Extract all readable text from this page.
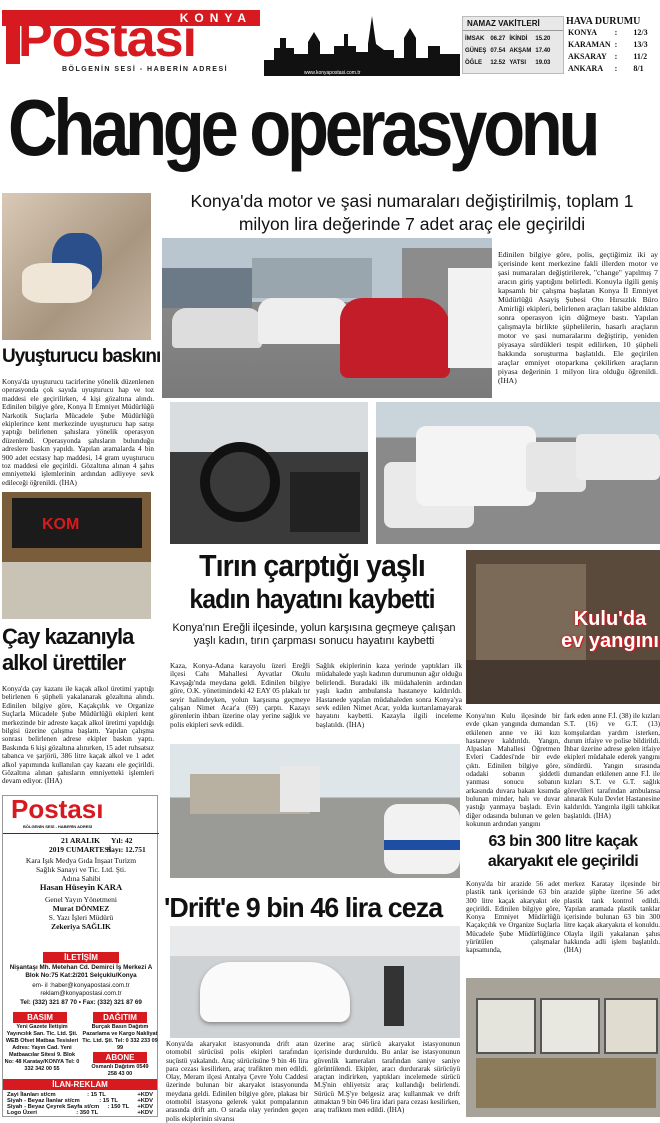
KONYA
Postası
BÖLGENİN SESİ - HABERİN ADRESİ	www.konyapostasi.com.tr
NAMAZ VAKİTLERİ
İMSAK	06.27	İKİNDİ	15.20
GÜNEŞ	07.54	AKŞAM	17.40
ÖĞLE	12.52	YATSI	19.03
HAVA DURUMU
KONYA	:	12/3
KARAMAN	:	13/3
AKSARAY	:	11/2
ANKARA	:	8/1
Change operasyonu
Uyuşturucu baskını
Konya'da uyuşturucu tacirlerine yönelik düzenlenen operasyonda çok sayıda uyuşturucu hap ve toz maddesi ele geçirilirken, 4 kişi gözaltına alındı. Edinilen bilgiye göre, Konya İl Emniyet Müdürlüğü Narkotik Suçlarla Mücadele Şube Müdürlüğü ekiplerince kent merkezinde uyuşturucu hap satışı yaptığı belirlenen şahıslara yönelik operasyon düzenlendi. Operasyonda şahısların bulunduğu adreslere baskın yapıldı. Yapılan aramalarda 4 bin 900 adet ecstasy hap maddesi, 14 gram uyuşturucu toz maddesi ele geçirildi. Gözaltına alınan 4 şahıs emniyetteki işlemlerinin ardından adliyeye sevk edileceği öğrenildi. (İHA)
KOM
Çay kazanıyla alkol ürettiler
Konya'da çay kazanı ile kaçak alkol üretimi yaptığı belirlenen 6 şüpheli yakalanarak gözaltına alındı. Edinilen bilgiye göre, Kaçakçılık ve Organize Suçlarla Mücadele Şube Müdürlüğü ekipleri kent merkezinde bir adreste kaçak alkol üretimi yapıldığı bilgisi üzerine çalışma başlattı. Yapılan çalışma sonrası belirlenen adrese ekipler baskın yaptı. Baskında 6 kişi gözaltına alınırken, 15 adet ruhsatsız tabanca ve şarjörü, 386 litre kaçak alkol ve 1 adet alkol yapımında kullanılan çay kazanı ele geçirildi. Gözaltına alınan şahısların emniyetteki işlemleri devam ediyor. (İHA)
Postası
BÖLGENİN SESİ - HABERİN ADRESİ
21 ARALIK Yıl: 42
2019 CUMARTESİ
Sayı: 12.751
Kara Işık Medya Gıda İnşaat Turizm
Sağlık Sanayi ve Tic. Ltd. Şti.
Adına Sahibi
Hasan Hüseyin KARA
Genel Yayın Yönetmeni
Murat DÖNMEZ
S. Yazı İşleri Müdürü
Zekeriya SAĞLIK
İLETİŞİM
Nişantaşı Mh. Metehan Cd. Demirci İş Merkezi A Blok No:75 Kat:2/201 Selçuklu/Konya
em- il :haber@konyapostasi.com.tr
reklam@konyapostasi.com.tr
Tel: (332) 321 87 70 • Fax: (332) 321 87 69
BASIM
Yeni Gazete İletişim Yayıncılık San. Tic. Ltd. Şti. WEB Ofset Matbaa Tesisleri Adres: Yayın Cad. Yeni Matbaacılar Sitesi 9. Blok No: 48 Karatay/KONYA Tel: 0 332 342 00 55
DAĞITIM
Burçak Basın Dağıtım Pazarlama ve Kargo Nakliyat Tic. Ltd. Şti. Tel: 0 332 233 09 99
ABONE
Osmanlı Dağıtım 0549 258 43 00
İLAN-REKLAM
Zayi İlanları st/cm	: 15 TL	+KDV
Siyah - Beyaz İlanlar st/cm	: 15 TL	+KDV
Siyah - Beyaz Çeyrek Sayfa st/cm : 150 TL +KDV
Logo Üzeri	: 350 TL	+KDV
Konya'da motor ve şasi numaraları değiştirilmiş, toplam 1 milyon lira değerinde 7 adet araç ele geçirildi
Edinilen bilgiye göre, polis, geçtiğimiz iki ay içerisinde kent merkezine fakli illerden motor ve şasi numaraları değiştirilerek, "change" yapılmış 7 aracın giriş yaptığını belirledi. Konuyla ilgili geniş kapsamlı bir çalışma başlatan Konya İl Emniyet Müdürlüğü Asayiş Şubesi Oto Hırsızlık Büro Amirliği ekipleri, belirlenen araçları takibe aldıktan sonra operasyon için düğmeye bastı. Yapılan çalışmayla birlikte şüphelilerin, hasarlı araçların motor ve şasi numaralarını değiştirip, yeniden piyasaya sürdükleri tespit edilirken, 10 şüpheli hakkında soruşturma başlatıldı. Ele geçirilen araçlar emniyet otoparkına çekilirken araçların piyasa değerinin 1 milyon lira olduğu öğrenildi. (İHA)
Tırın çarptığı yaşlı
kadın hayatını kaybetti
Konya'nın Ereğli ilçesinde, yolun karşısına geçmeye çalışan yaşlı kadın, tırın çarpması sonucu hayatını kaybetti
Kaza, Konya-Adana karayolu üzeri Ereğli ilçesi Cahı Mahallesi Ayvatlar Okulu Kavşağı'nda meydana geldi. Edinilen bilgiye göre, O.K. yönetimindeki 42 EAY 05 plakalı tır seyir halindeyken, yolun karşısına geçmeye çalışan Nimet Acar'a (69) çarptı. Kazayı görenlerin ihbarı üzerine olay yerine sağlık ve polis ekipleri sevk edildi.
Sağlık ekiplerinin kaza yerinde yaptıkları ilk müdahalede yaşlı kadının durumunun ağır olduğu belirlendi. Buradaki ilk müdahalenin ardından yaşlı kadın ambulansla hastaneye kaldırıldı. Hastanede yapılan müdahaleden sonra Konya'ya sevk edilen Nimet Acar, yolda kurtarılamayarak hayatını kaybetti. Kazayla ilgili inceleme başlatıldı. (İHA)
Kulu'da ev yangını
Konya'nın Kulu ilçesinde bir evde çıkan yangında dumandan etkilenen anne ve iki kızı hastaneye kaldırıldı. Yangın, Alpaslan Mahallesi Öğretmen Evleri Caddesi'nde bir evde çıktı. Edinilen bilgiye göre, odadaki sobanın şiddetli yanması sonucu sobanın arkasında duvara bakan kısımda bulunan minder, halı ve duvar yastığı yanmaya başladı. Evin diğer odasında bulunan ve gelen kokunun ardından yangını
fark eden anne F.İ. (38) ile kızları S.T. (16) ve G.T. (13) komşulardan yardım isterken, durum itfaiye ve polise bildirildi. İhbar üzerine adrese gelen itfaiye ekipleri müdahale ederek yangını söndürdü. Yangın sırasında dumandan etkilenen anne F.İ. ile kızları S.T. ve G.T. sağlık görevlileri tarafından ambulansa alınarak Kulu Devlet Hastanesine kaldırıldı. Yangınla ilgili tahkikat başlatıldı. (İHA)
63 bin 300 litre kaçak akaryakıt ele geçirildi
Konya'da bir arazide 56 adet plastik tank içerisinde 63 bin 300 litre kaçak akaryakıt ele geçirildi. Edinilen bilgiye göre, Konya Emniyet Müdürlüğü Kaçakçılık ve Organize Suçlarla Mücadele Şube Müdürlüğünce yürütülen çalışmalar kapsamında,
merkez Karatay ilçesinde bir arazide şüphe üzerine 56 adet plastik tank kontrol edildi. Yapılan aramada plastik tanklar içerisinde bulunan 63 bin 300 litre kaçak akaryakıta el konuldu. Olayla ilgili yakalanan şahıs hakkında adli işlem başlatıldı. (İHA)
'Drift'e 9 bin 46 lira ceza
Konya'da akaryakıt istasyonunda drift atan otomobil sürücüsü polis ekipleri tarafından suçüstü yakalandı. Araç sürücüsüne 9 bin 46 lira para cezası kesilirken, araç trafikten men edildi. Olay, Meram ilçesi Antalya Çevre Yolu Caddesi üzerinde bulunan bir akaryakıt istasyonunda meydana geldi. Edinilen bilgiye göre, plakası bir otomobil istasyona gelerek yakıt pompalarının arasında drift attı. O sırada olay yerinden geçen polis ekiplerinin sivarısı
üzerine araç sürücü akaryakıt istasyonunun içerisinde durduruldu. Bu anlar ise istasyonunun güvenlik kameraları tarafından saniye saniye görüntülendi. Ekipler, aracı durdurarak sürücüyü araçtan indirirken, yaptıkları incelemede sürücü M.Ş'nin ehliyetsiz araç kullandığı belirlendi. Sürücü M.Ş'ye belgesiz araç kullanmak ve drift atmaktan 9 bin 046 lira idari para cezası kesilirken, araç trafikten men edildi. (İHA)
